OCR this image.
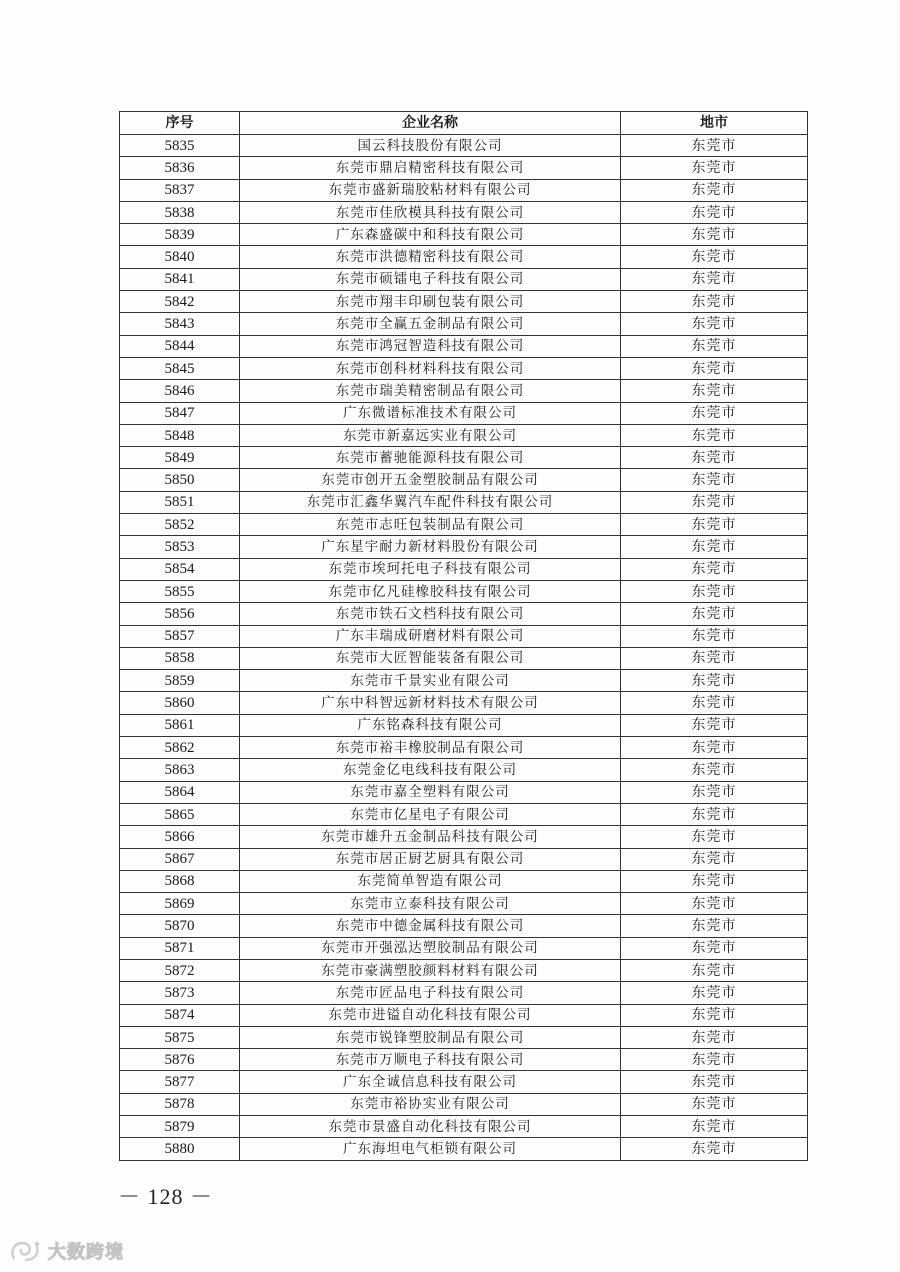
序号	企业名称	地市
5835	国云科技股份有限公司	东莞市
5836	东莞市鼎启精密科技有限公司	东莞市
5837	东莞市盛新瑞胶粘材料有限公司	东莞市
5838	东莞市佳欣模具科技有限公司	东莞市
5839	广东森盛碳中和科技有限公司	东莞市
5840	东莞市洪德精密科技有限公司	东莞市
5841	东莞市硕镭电子科技有限公司	东莞市
5842	东莞市翔丰印刷包装有限公司	东莞市
5843	东莞市全赢五金制品有限公司	东莞市
5844	东莞市鸿冠智造科技有限公司	东莞市
5845	东莞市创科材料科技有限公司	东莞市
5846	东莞市瑞美精密制品有限公司	东莞市
5847	广东微谱标准技术有限公司	东莞市
5848	东莞市新嘉远实业有限公司	东莞市
5849	东莞市蓄驰能源科技有限公司	东莞市
5850	东莞市创开五金塑胶制品有限公司	东莞市
5851	东莞市汇鑫华翼汽车配件科技有限公司	东莞市
5852	东莞市志旺包装制品有限公司	东莞市
5853	广东星宇耐力新材料股份有限公司	东莞市
5854	东莞市埃珂托电子科技有限公司	东莞市
5855	东莞市亿凡硅橡胶科技有限公司	东莞市
5856	东莞市铁石文档科技有限公司	东莞市
5857	广东丰瑞成研磨材料有限公司	东莞市
5858	东莞市大匠智能装备有限公司	东莞市
5859	东莞市千景实业有限公司	东莞市
5860	广东中科智远新材料技术有限公司	东莞市
5861	广东铭森科技有限公司	东莞市
5862	东莞市裕丰橡胶制品有限公司	东莞市
5863	东莞金亿电线科技有限公司	东莞市
5864	东莞市嘉全塑料有限公司	东莞市
5865	东莞市亿星电子有限公司	东莞市
5866	东莞市雄升五金制品科技有限公司	东莞市
5867	东莞市居正厨艺厨具有限公司	东莞市
5868	东莞简单智造有限公司	东莞市
5869	东莞市立泰科技有限公司	东莞市
5870	东莞市中德金属科技有限公司	东莞市
5871	东莞市开强泓达塑胶制品有限公司	东莞市
5872	东莞市豪满塑胶颜料材料有限公司	东莞市
5873	东莞市匠品电子科技有限公司	东莞市
5874	东莞市进镒自动化科技有限公司	东莞市
5875	东莞市锐锋塑胶制品有限公司	东莞市
5876	东莞市万顺电子科技有限公司	东莞市
5877	广东全诚信息科技有限公司	东莞市
5878	东莞市裕协实业有限公司	东莞市
5879	东莞市景盛自动化科技有限公司	东莞市
5880	广东海坦电气柜锁有限公司	东莞市
－ 128 －
大数跨境
